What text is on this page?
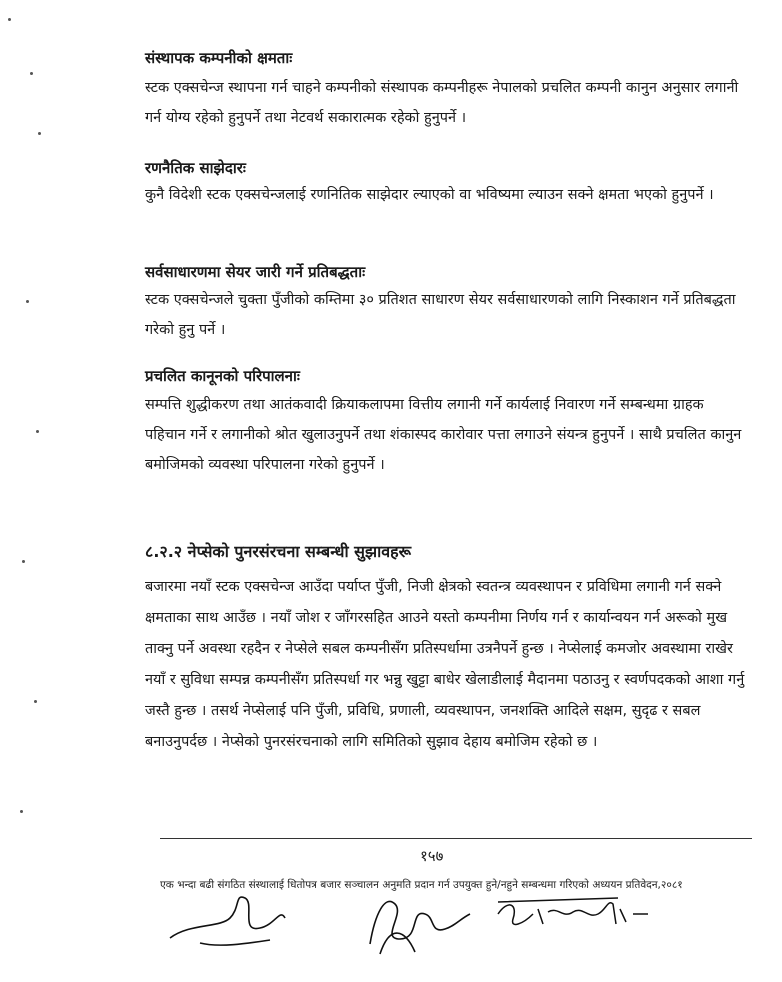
संस्थापक कम्पनीको क्षमताः
स्टक एक्सचेन्ज स्थापना गर्न चाहने कम्पनीको संस्थापक कम्पनीहरू नेपालको प्रचलित कम्पनी कानुन अनुसार लगानी गर्न योग्य रहेको हुनुपर्ने तथा नेटवर्थ सकारात्मक रहेको हुनुपर्ने ।
रणनैतिक साझेदारः
कुनै विदेशी स्टक एक्सचेन्जलाई रणनितिक साझेदार ल्याएको वा भविष्यमा ल्याउन सक्ने क्षमता भएको हुनुपर्ने ।
सर्वसाधारणमा सेयर जारी गर्ने प्रतिबद्धताः
स्टक एक्सचेन्जले चुक्ता पुँजीको कम्तिमा ३० प्रतिशत साधारण सेयर सर्वसाधारणको लागि निस्काशन गर्ने प्रतिबद्धता गरेको हुनु पर्ने ।
प्रचलित कानूनको परिपालनाः
सम्पत्ति शुद्धीकरण तथा आतंकवादी क्रियाकलापमा वित्तीय लगानी गर्ने कार्यलाई निवारण गर्ने सम्बन्धमा ग्राहक पहिचान गर्ने र लगानीको श्रोत खुलाउनुपर्ने तथा शंकास्पद कारोवार पत्ता लगाउने संयन्त्र हुनुपर्ने । साथै प्रचलित कानुन बमोजिमको व्यवस्था परिपालना गरेको हुनुपर्ने ।
८.२.२ नेप्सेको पुनरसंरचना सम्बन्धी सुझावहरू
बजारमा नयाँ स्टक एक्सचेन्ज आउँदा पर्याप्त पुँजी, निजी क्षेत्रको स्वतन्त्र व्यवस्थापन र प्रविधिमा लगानी गर्न सक्ने क्षमताका साथ आउँछ । नयाँ जोश र जाँगरसहित आउने यस्तो कम्पनीमा निर्णय गर्न र कार्यान्वयन गर्न अरूको मुख ताक्नु पर्ने अवस्था रहदैन र नेप्सेले सबल कम्पनीसँग प्रतिस्पर्धामा उत्रनैपर्ने हुन्छ । नेप्सेलाई कमजोर अवस्थामा राखेर नयाँ र सुविधा सम्पन्न कम्पनीसँग प्रतिस्पर्धा गर भन्नु खुट्टा बाधेर खेलाडीलाई मैदानमा पठाउनु र स्वर्णपदकको आशा गर्नु जस्तै हुन्छ । तसर्थ नेप्सेलाई पनि पुँजी, प्रविधि, प्रणाली, व्यवस्थापन, जनशक्ति आदिले सक्षम, सुदृढ र सबल बनाउनुपर्दछ । नेप्सेको पुनरसंरचनाको लागि समितिको सुझाव देहाय बमोजिम रहेको छ ।
१५७
एक भन्दा बढी संगठित संस्थालाई धितोपत्र बजार सञ्चालन अनुमति प्रदान गर्न उपयुक्त हुने/नहुने सम्बन्धमा गरिएको अध्ययन प्रतिवेदन,२०८१
